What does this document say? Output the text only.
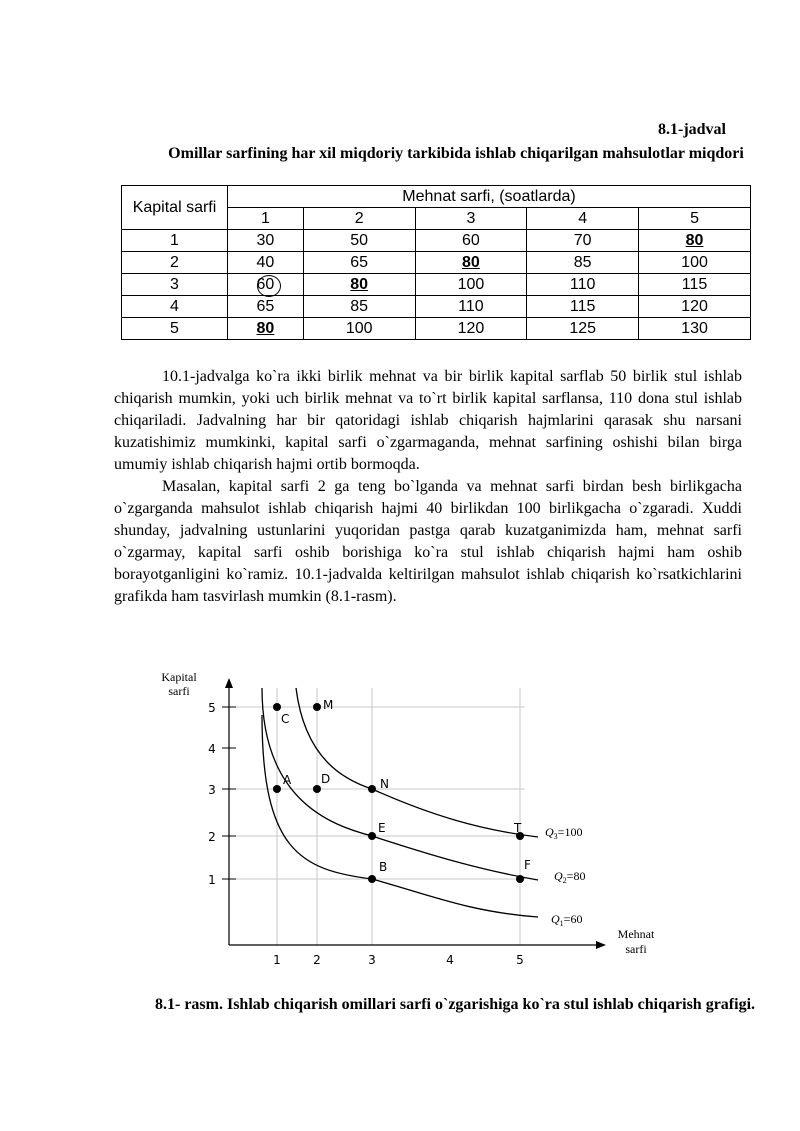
8.1-jadval
Omillar sarfining har xil miqdoriy tarkibida ishlab chiqarilgan mahsulotlar miqdori
Kapital sarfi	Mehnat sarfi, (soatlarda)				
	1	2	3	4	5
1	30	50	60	70	80
2	40	65	80	85	100
3	60	80	100	110	115
4	65	85	110	115	120
5	80	100	120	125	130

10.1-jadvalga ko`ra ikki birlik mehnat va bir birlik kapital sarflab 50 birlik stul ishlab chiqarish mumkin, yoki uch birlik mehnat va to`rt birlik kapital sarflansa, 110 dona stul ishlab chiqariladi. Jadvalning har bir qatoridagi ishlab chiqarish hajmlarini qarasak shu narsani kuzatishimiz mumkinki, kapital sarfi o`zgarmaganda, mehnat sarfining oshishi bilan birga umumiy ishlab chiqarish hajmi ortib bormoqda.

Masalan, kapital sarfi 2 ga teng bo`lganda va mehnat sarfi birdan besh birlikgacha o`zgarganda mahsulot ishlab chiqarish hajmi 40 birlikdan 100 birlikgacha o`zgaradi. Xuddi shunday, jadvalning ustunlarini yuqoridan pastga qarab kuzatganimizda ham, mehnat sarfi o`zgarmay, kapital sarfi oshib borishiga ko`ra stul ishlab chiqarish hajmi ham oshib borayotganligini ko`ramiz. 10.1-jadvalda keltirilgan mahsulot ishlab chiqarish ko`rsatkichlarini grafikda ham tasvirlash mumkin (8.1-rasm).

1
2
3
4
5
1	2	3	4	5
Kapital
sarfi
Mehnat
sarfi
A
B
C
D
E
F
M
N
T
$Q_1=60$
$Q_2=80$
$Q_3=100$
8.1- rasm. Ishlab chiqarish omillari sarfi o`zgarishiga ko`ra stul ishlab chiqarish grafigi.
